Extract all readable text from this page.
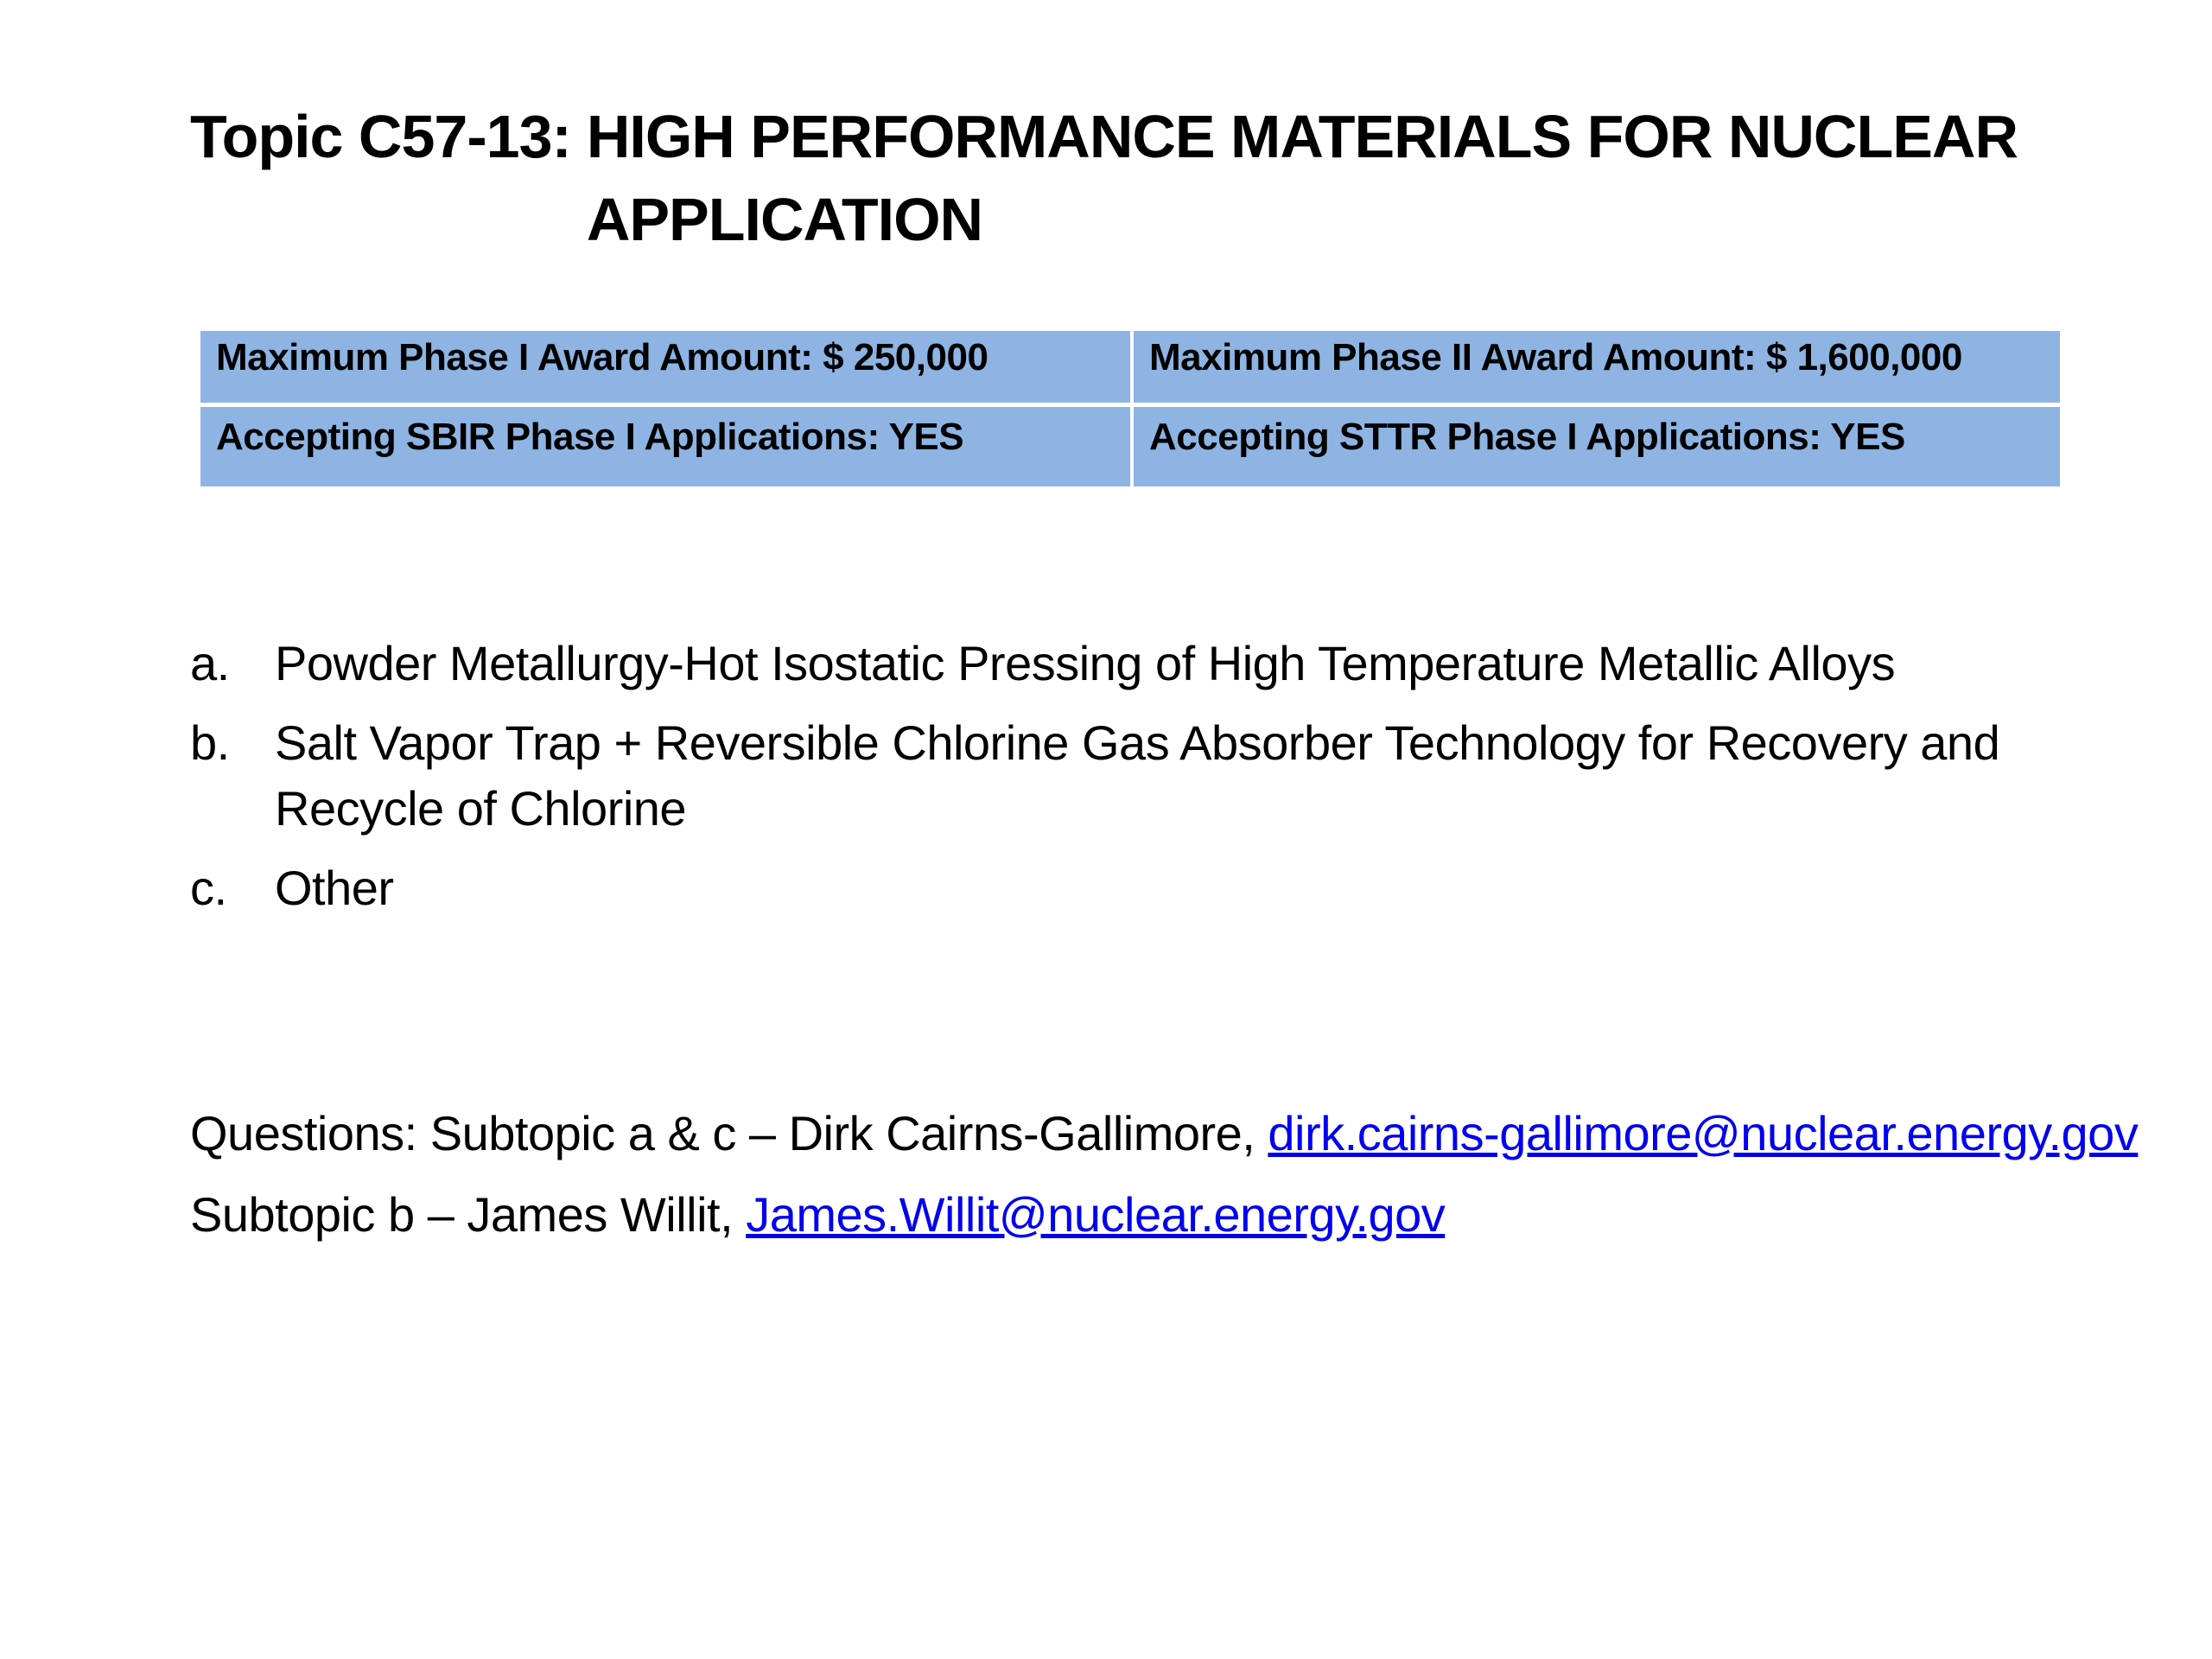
Topic C57-13: HIGH PERFORMANCE MATERIALS FOR NUCLEAR
APPLICATION
Maximum Phase I Award Amount: $ 250,000	Maximum Phase II Award Amount: $ 1,600,000
Accepting SBIR Phase I Applications: YES	Accepting STTR Phase I Applications: YES
a. Powder Metallurgy-Hot Isostatic Pressing of High Temperature Metallic Alloys
b. Salt Vapor Trap + Reversible Chlorine Gas Absorber Technology for Recovery and Recycle of Chlorine
c. Other
Questions: Subtopic a & c – Dirk Cairns-Gallimore, dirk.cairns-gallimore@nuclear.energy.gov
Subtopic b – James Willit, James.Willit@nuclear.energy.gov
